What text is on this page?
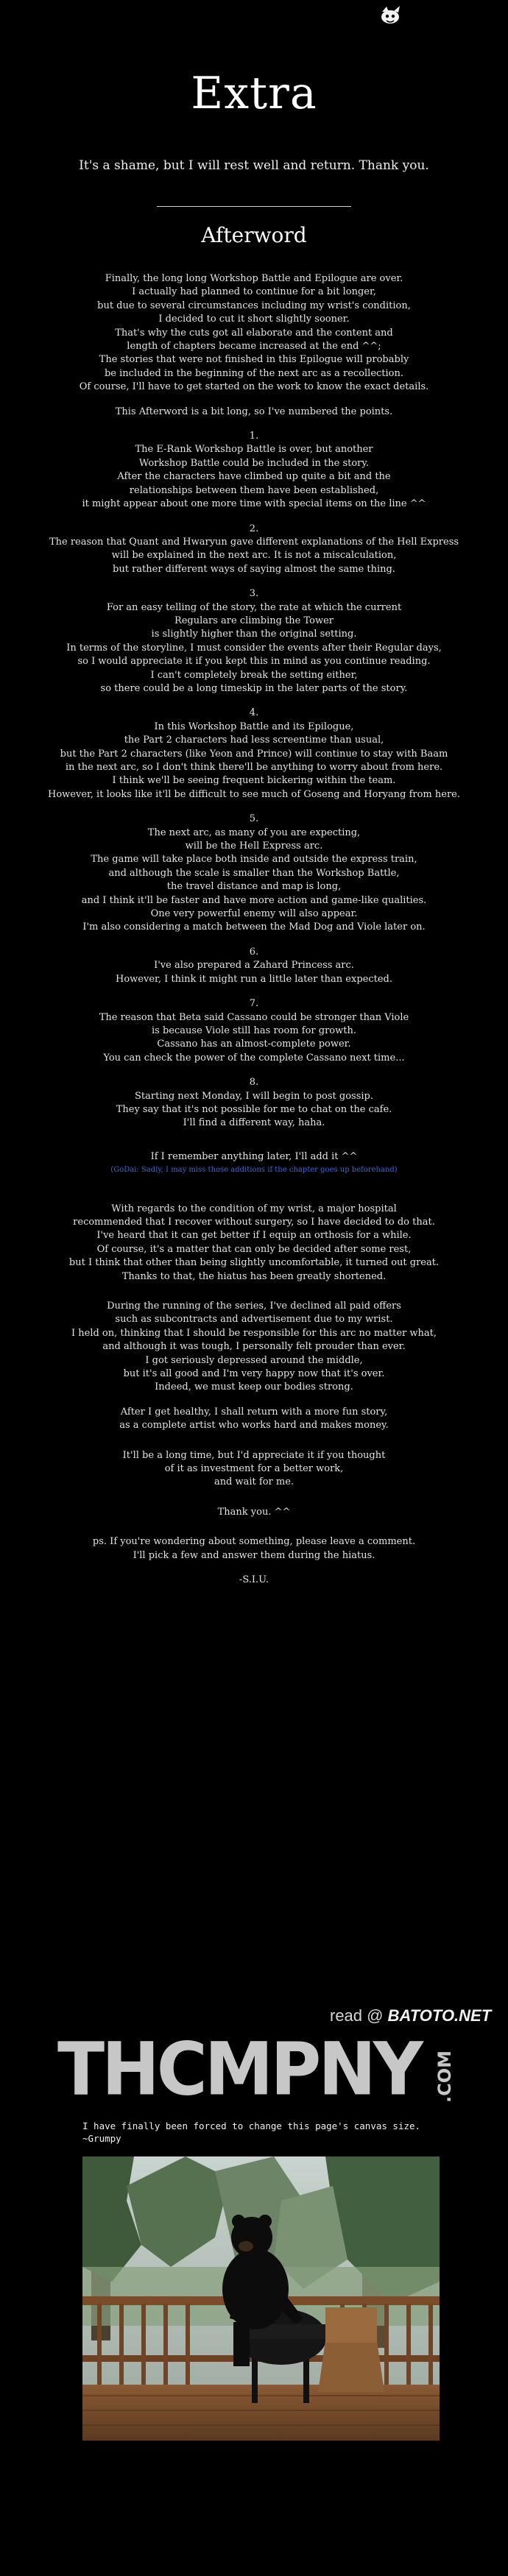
Extra
It's a shame, but I will rest well and return. Thank you.
Afterword
Finally, the long long Workshop Battle and Epilogue are over.
I actually had planned to continue for a bit longer,
but due to several circumstances including my wrist's condition,
I decided to cut it short slightly sooner.
That's why the cuts got all elaborate and the content and
length of chapters became increased at the end ^^;
The stories that were not finished in this Epilogue will probably
be included in the beginning of the next arc as a recollection.
Of course, I'll have to get started on the work to know the exact details.
This Afterword is a bit long, so I've numbered the points.
1.
The E-Rank Workshop Battle is over, but another
Workshop Battle could be included in the story.
After the characters have climbed up quite a bit and the
relationships between them have been established,
it might appear about one more time with special items on the line ^^
2.
The reason that Quant and Hwaryun gave different explanations of the Hell Express
will be explained in the next arc. It is not a miscalculation,
but rather different ways of saying almost the same thing.
3.
For an easy telling of the story, the rate at which the current
Regulars are climbing the Tower
is slightly higher than the original setting.
In terms of the storyline, I must consider the events after their Regular days,
so I would appreciate it if you kept this in mind as you continue reading.
I can't completely break the setting either,
so there could be a long timeskip in the later parts of the story.
4.
In this Workshop Battle and its Epilogue,
the Part 2 characters had less screentime than usual,
but the Part 2 characters (like Yeon and Prince) will continue to stay with Baam
in the next arc, so I don't think there'll be anything to worry about from here.
I think we'll be seeing frequent bickering within the team.
However, it looks like it'll be difficult to see much of Goseng and Horyang from here.
5.
The next arc, as many of you are expecting,
will be the Hell Express arc.
The game will take place both inside and outside the express train,
and although the scale is smaller than the Workshop Battle,
the travel distance and map is long,
and I think it'll be faster and have more action and game-like qualities.
One very powerful enemy will also appear.
I'm also considering a match between the Mad Dog and Viole later on.
6.
I've also prepared a Zahard Princess arc.
However, I think it might run a little later than expected.
7.
The reason that Beta said Cassano could be stronger than Viole
is because Viole still has room for growth.
Cassano has an almost-complete power.
You can check the power of the complete Cassano next time...
8.
Starting next Monday, I will begin to post gossip.
They say that it's not possible for me to chat on the cafe.
I'll find a different way, haha.
If I remember anything later, I'll add it ^^
(GoDai: Sadly, I may miss those additions if the chapter goes up beforehand)
With regards to the condition of my wrist, a major hospital
recommended that I recover without surgery, so I have decided to do that.
I've heard that it can get better if I equip an orthosis for a while.
Of course, it's a matter that can only be decided after some rest,
but I think that other than being slightly uncomfortable, it turned out great.
Thanks to that, the hiatus has been greatly shortened.
During the running of the series, I've declined all paid offers
such as subcontracts and advertisement due to my wrist.
I held on, thinking that I should be responsible for this arc no matter what,
and although it was tough, I personally felt prouder than ever.
I got seriously depressed around the middle,
but it's all good and I'm very happy now that it's over.
Indeed, we must keep our bodies strong.
After I get healthy, I shall return with a more fun story,
as a complete artist who works hard and makes money.
It'll be a long time, but I'd appreciate it if you thought
of it as investment for a better work,
and wait for me.
Thank you. ^^
ps. If you're wondering about something, please leave a comment.
I'll pick a few and answer them during the hiatus.
-S.I.U.
read @ BATOTO.NET
THCMPNY .COM
I have finally been forced to change this page's canvas size.
~Grumpy
